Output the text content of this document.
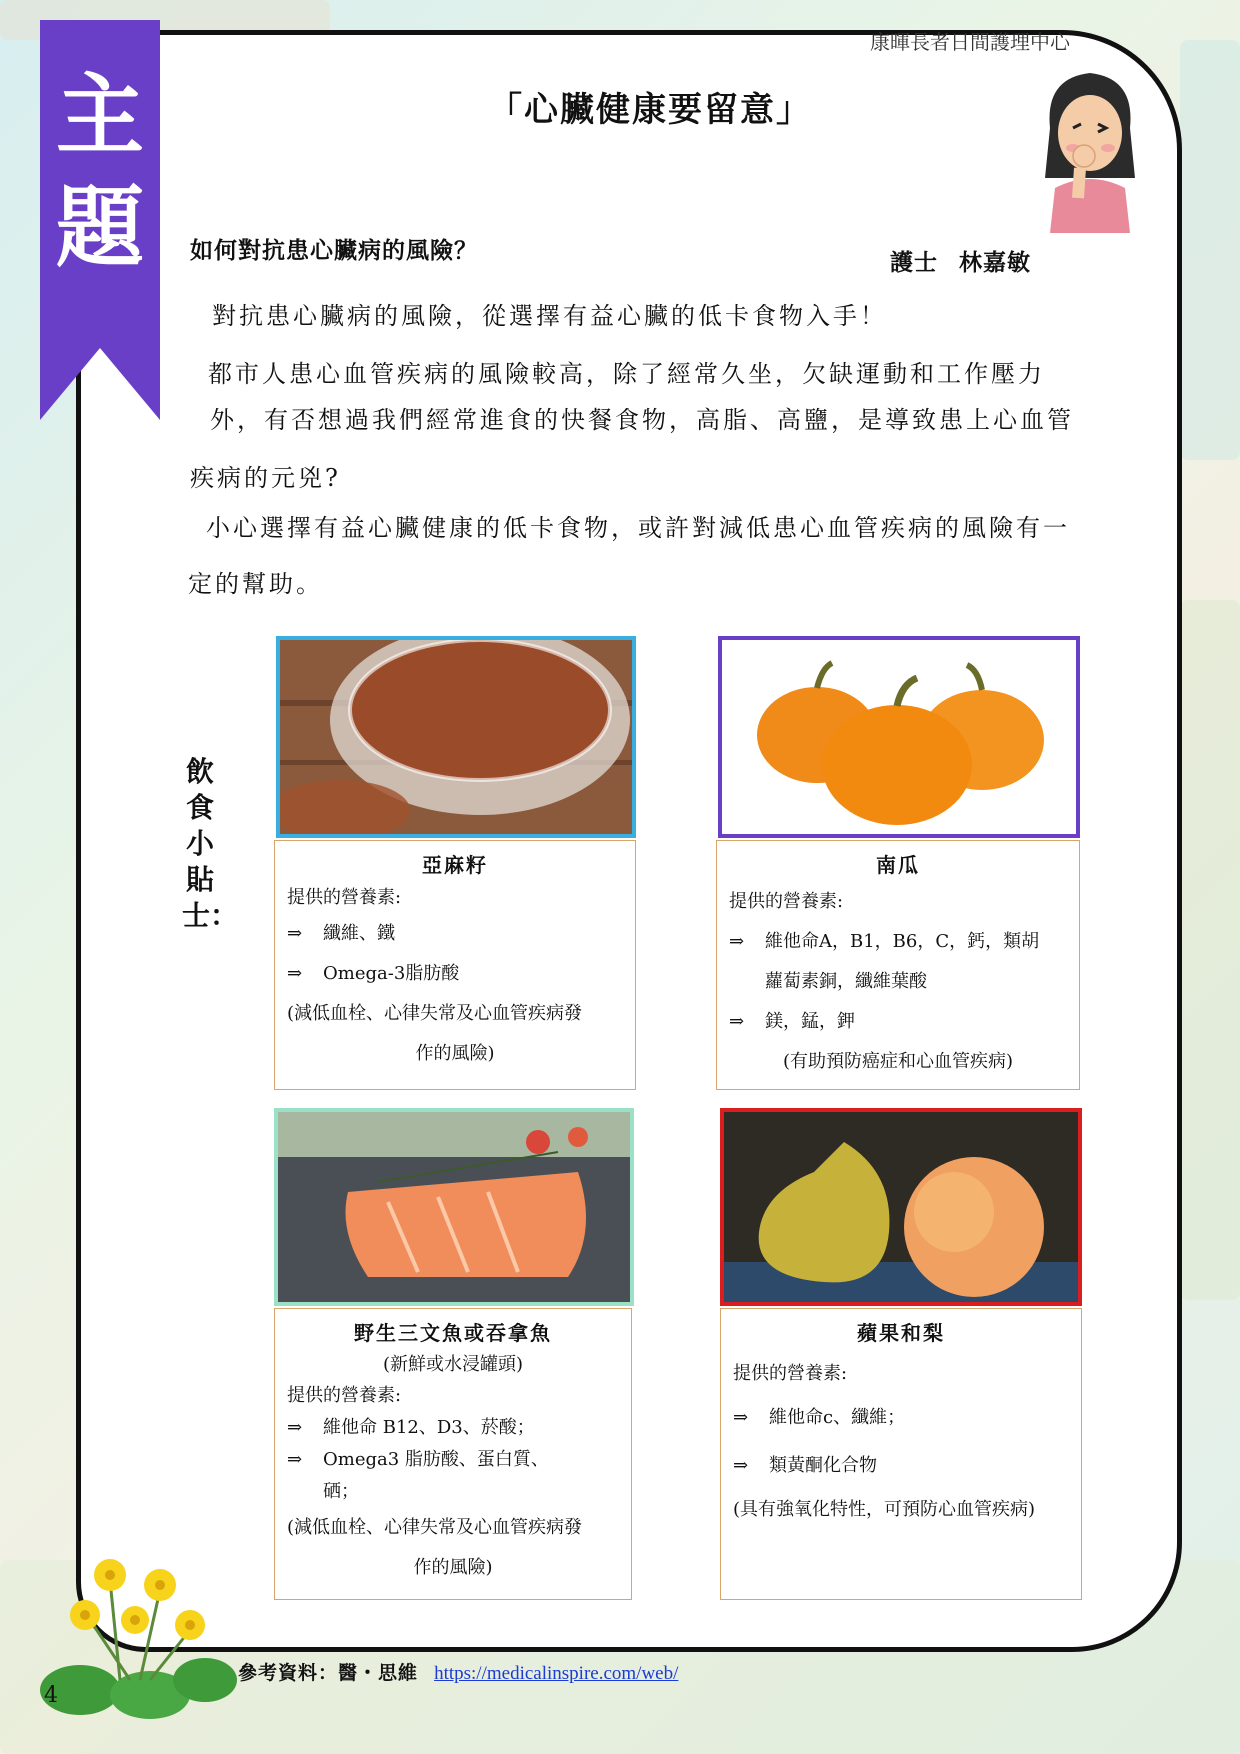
主題
康暉長者日間護理中心
「心臟健康要留意」
如何對抗患心臟病的風險？	護士 林嘉敏
對抗患心臟病的風險，從選擇有益心臟的低卡食物入手！
都市人患心血管疾病的風險較高，除了經常久坐，欠缺運動和工作壓力
外，有否想過我們經常進食的快餐食物，高脂、高鹽，是導致患上心血管
疾病的元兇?
小心選擇有益心臟健康的低卡食物，或許對減低患心血管疾病的風險有一
定的幫助。
飲食小貼士：
亞麻籽
提供的營養素:
⇒ 纖維、鐵
⇒ Omega-3脂肪酸
(減低血栓、心律失常及心血管疾病發
作的風險)
南瓜
提供的營養素:
⇒ 維他命A，B1，B6，C，鈣，類胡
蘿蔔素銅，纖維葉酸
⇒ 鎂，錳，鉀
(有助預防癌症和心血管疾病)
野生三文魚或吞拿魚
(新鮮或水浸罐頭)
提供的營養素:
⇒ 維他命 B12、D3、菸酸；
⇒ Omega3 脂肪酸、蛋白質、
硒；
(減低血栓、心律失常及心血管疾病發
作的風險)
蘋果和梨
提供的營養素:
⇒ 維他命c、纖維；
⇒ 類黃酮化合物
(具有強氧化特性，可預防心血管疾病)
4
參考資料：醫・思維 https://medicalinspire.com/web/
